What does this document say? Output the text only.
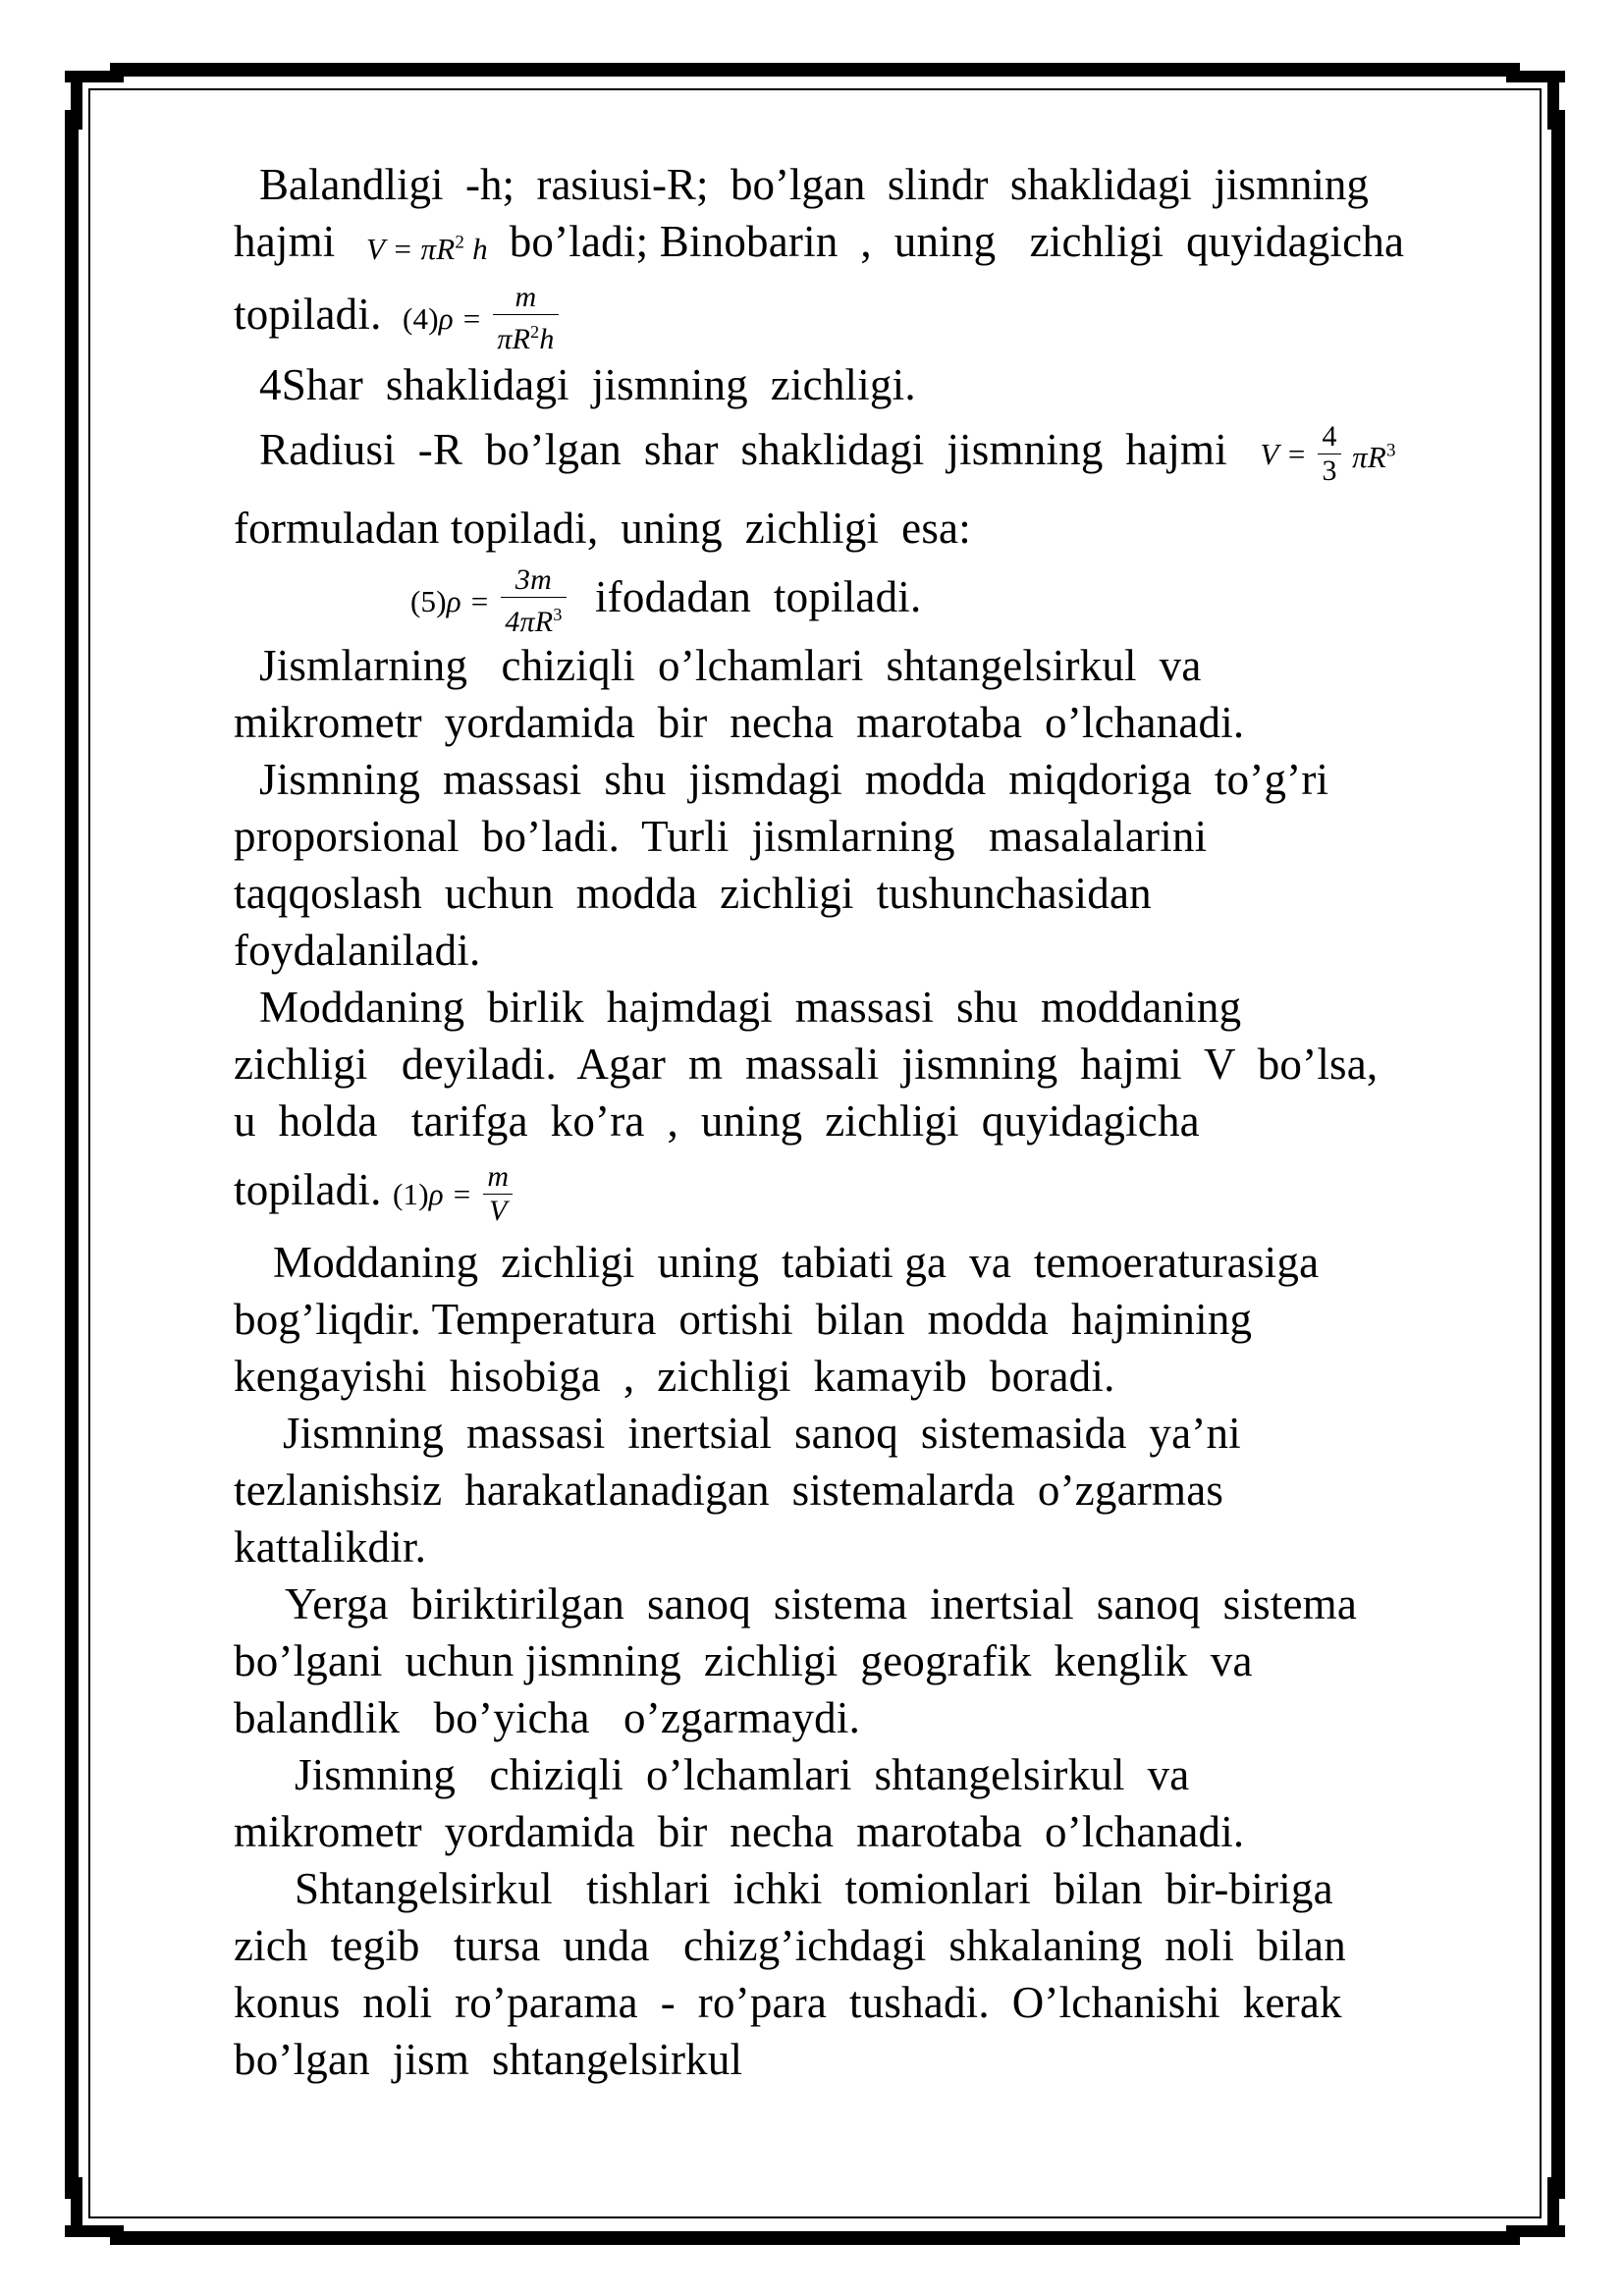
Balandligi  -h;  rasiusi-R;  bo’lgan  slindr  shaklidagi  jismning
hajmi $V = \pi R^2$ h bo’ladi; Binobarin  ,  uning   zichligi  quyidagicha
topiladi. $(4)\rho = \frac{m}{\pi R^2h}$
4Shar  shaklidagi  jismning  zichligi.
Radiusi  -R  bo’lgan  shar  shaklidagi  jismning  hajmi $V = \frac{4}{3} \pi R^3$
formuladan topiladi,  uning  zichligi  esa:
$(5)\rho = \frac{3m}{4\pi R^3}$ ifodadan  topiladi.
Jismlarning   chiziqli  o’lchamlari  shtangelsirkul  va
mikrometr  yordamida  bir  necha  marotaba  o’lchanadi.
Jismning  massasi  shu  jismdagi  modda  miqdoriga  to’g’ri
proporsional  bo’ladi.  Turli  jismlarning   masalalarini
taqqoslash  uchun  modda  zichligi  tushunchasidan
foydalaniladi.
Moddaning  birlik  hajmdagi  massasi  shu  moddaning
zichligi   deyiladi.  Agar  m  massali  jismning  hajmi  V  bo’lsa,
u  holda   tarifga  ko’ra  ,  uning  zichligi  quyidagicha
topiladi. $(1)\rho = \frac{m}{V}$
Moddaning  zichligi  uning  tabiati ga  va  temoeraturasiga
bog’liqdir. Temperatura  ortishi  bilan  modda  hajmining
kengayishi  hisobiga  ,  zichligi  kamayib  boradi.
Jismning  massasi  inertsial  sanoq  sistemasida  ya’ni
tezlanishsiz  harakatlanadigan  sistemalarda  o’zgarmas
kattalikdir.
Yerga  biriktirilgan  sanoq  sistema  inertsial  sanoq  sistema
bo’lgani  uchun jismning  zichligi  geografik  kenglik  va
balandlik   bo’yicha   o’zgarmaydi.
Jismning   chiziqli  o’lchamlari  shtangelsirkul  va
mikrometr  yordamida  bir  necha  marotaba  o’lchanadi.
Shtangelsirkul   tishlari  ichki  tomionlari  bilan  bir-biriga
zich  tegib   tursa  unda   chizg’ichdagi  shkalaning  noli  bilan
konus  noli  ro’parama  -  ro’para  tushadi.  O’lchanishi  kerak
bo’lgan  jism  shtangelsirkul
